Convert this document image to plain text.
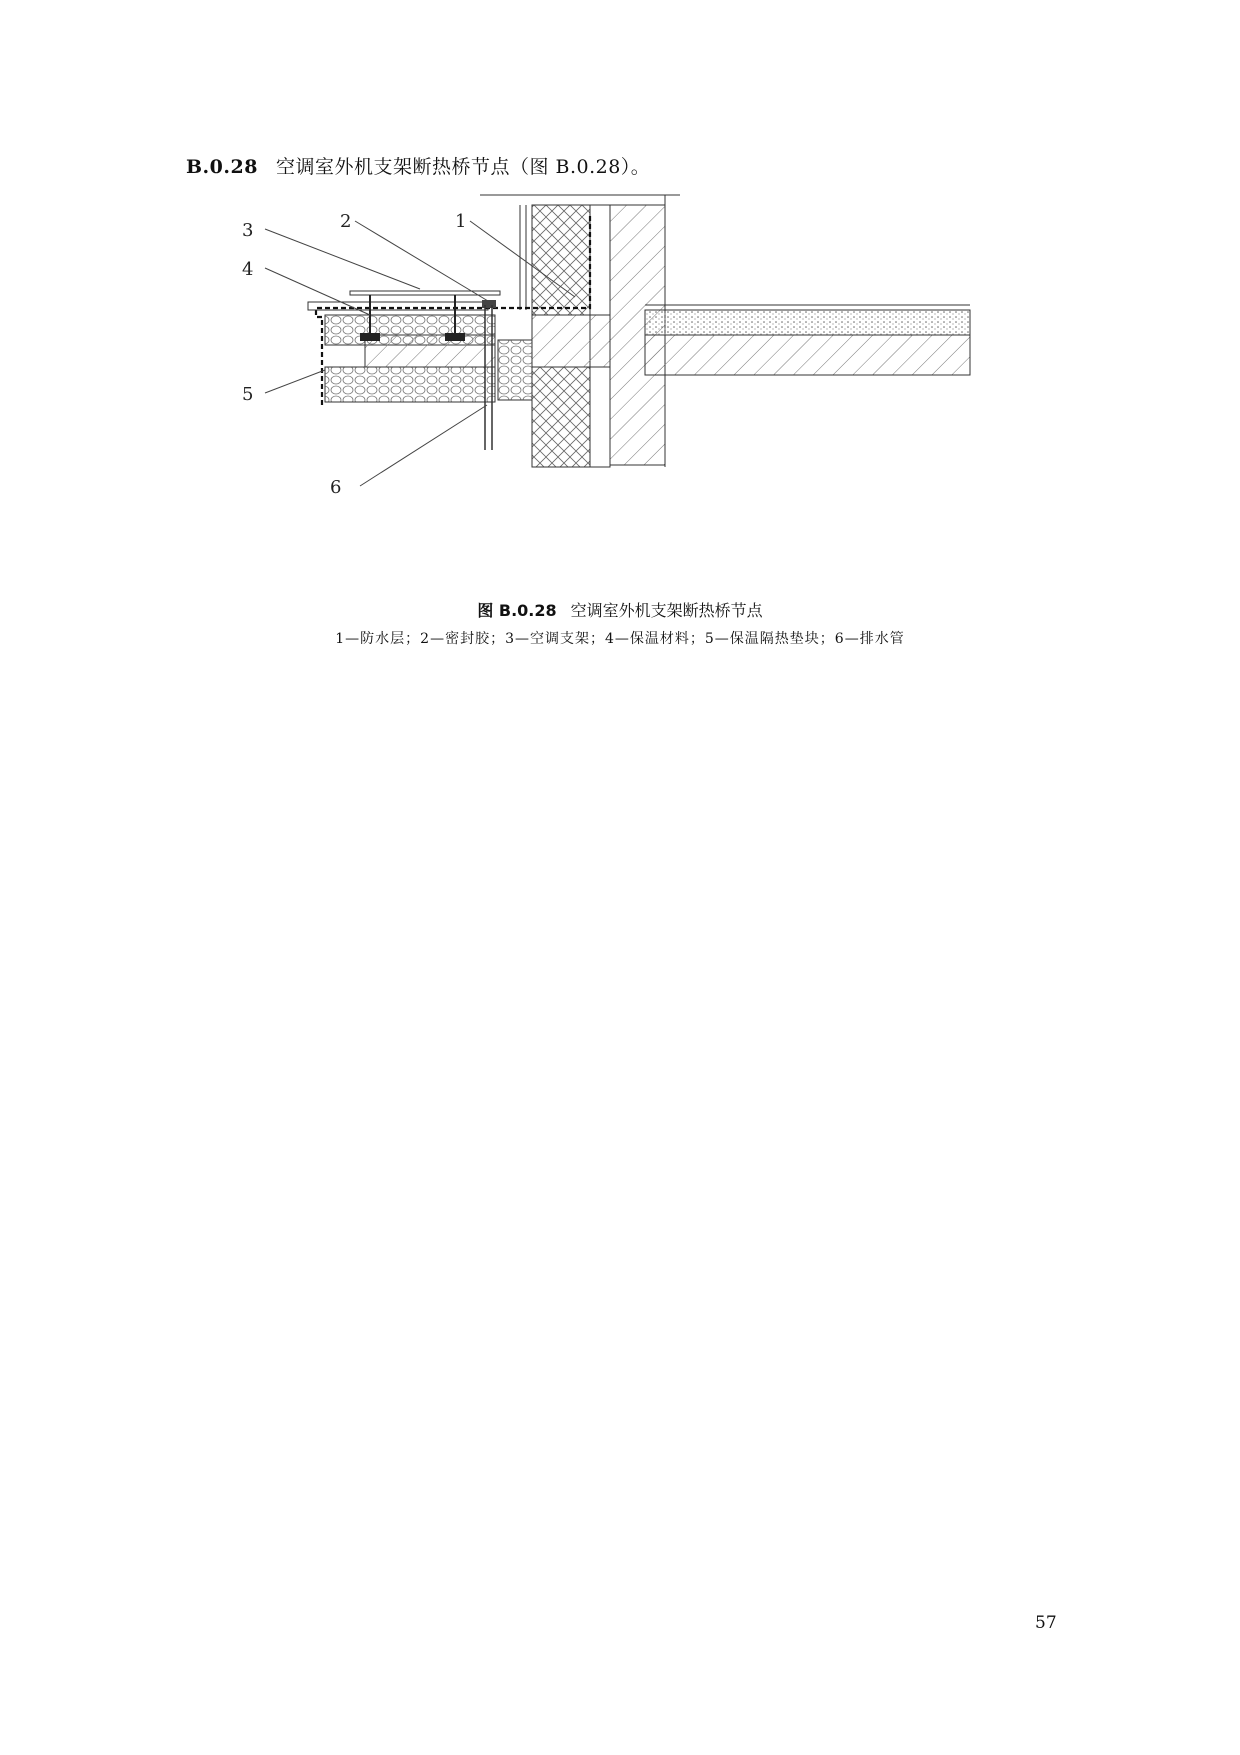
B.0.28 空调室外机支架断热桥节点（图 B.0.28）。
1
2
3
4
5
6
图 B.0.28 空调室外机支架断热桥节点
1—防水层；2—密封胶；3—空调支架；4—保温材料；5—保温隔热垫块；6—排水管
57
